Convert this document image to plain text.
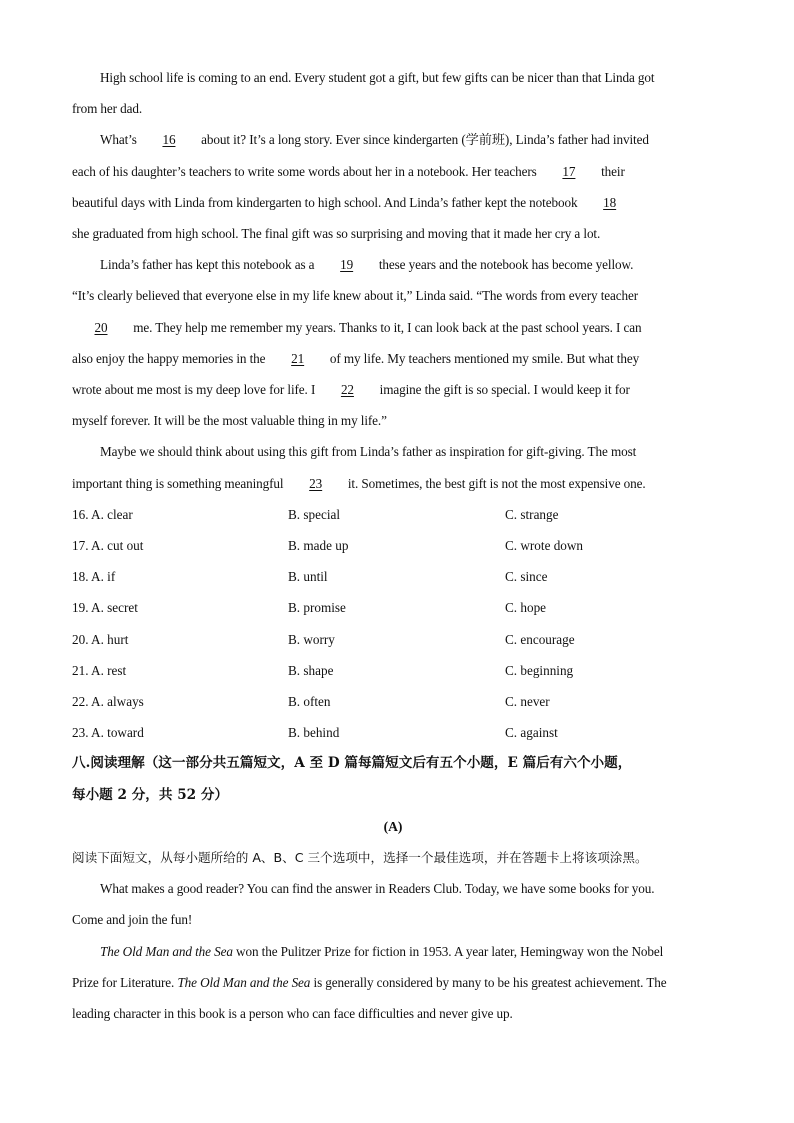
High school life is coming to an end. Every student got a gift, but few gifts can be nicer than that Linda got
from her dad.
What’s 16 about it? It’s a long story. Ever since kindergarten (学前班), Linda’s father had invited
each of his daughter’s teachers to write some words about her in a notebook. Her teachers 17 their
beautiful days with Linda from kindergarten to high school. And Linda’s father kept the notebook 18
she graduated from high school. The final gift was so surprising and moving that it made her cry a lot.
Linda’s father has kept this notebook as a 19 these years and the notebook has become yellow.
“It’s clearly believed that everyone else in my life knew about it,” Linda said. “The words from every teacher
20 me. They help me remember my years. Thanks to it, I can look back at the past school years. I can
also enjoy the happy memories in the 21 of my life. My teachers mentioned my smile. But what they
wrote about me most is my deep love for life. I 22 imagine the gift is so special. I would keep it for
myself forever. It will be the most valuable thing in my life.”
Maybe we should think about using this gift from Linda’s father as inspiration for gift-giving. The most
important thing is something meaningful 23 it. Sometimes, the best gift is not the most expensive one.
16. A. clear	B. special	C. strange
17. A. cut out	B. made up	C. wrote down
18. A. if	B. until	C. since
19. A. secret	B. promise	C. hope
20. A. hurt	B. worry	C. encourage
21. A. rest	B. shape	C. beginning
22. A. always	B. often	C. never
23. A. toward	B. behind	C. against
八.阅读理解（这一部分共五篇短文，A 至 D 篇每篇短文后有五个小题，E 篇后有六个小题，
每小题 2 分，共 52 分）
(A)
阅读下面短文，从每小题所给的 A、B、C 三个选项中，选择一个最佳选项，并在答题卡上将该项涂黑。
What makes a good reader? You can find the answer in Readers Club. Today, we have some books for you.
Come and join the fun!
The Old Man and the Sea won the Pulitzer Prize for fiction in 1953. A year later, Hemingway won the Nobel
Prize for Literature. The Old Man and the Sea is generally considered by many to be his greatest achievement. The
leading character in this book is a person who can face difficulties and never give up.
